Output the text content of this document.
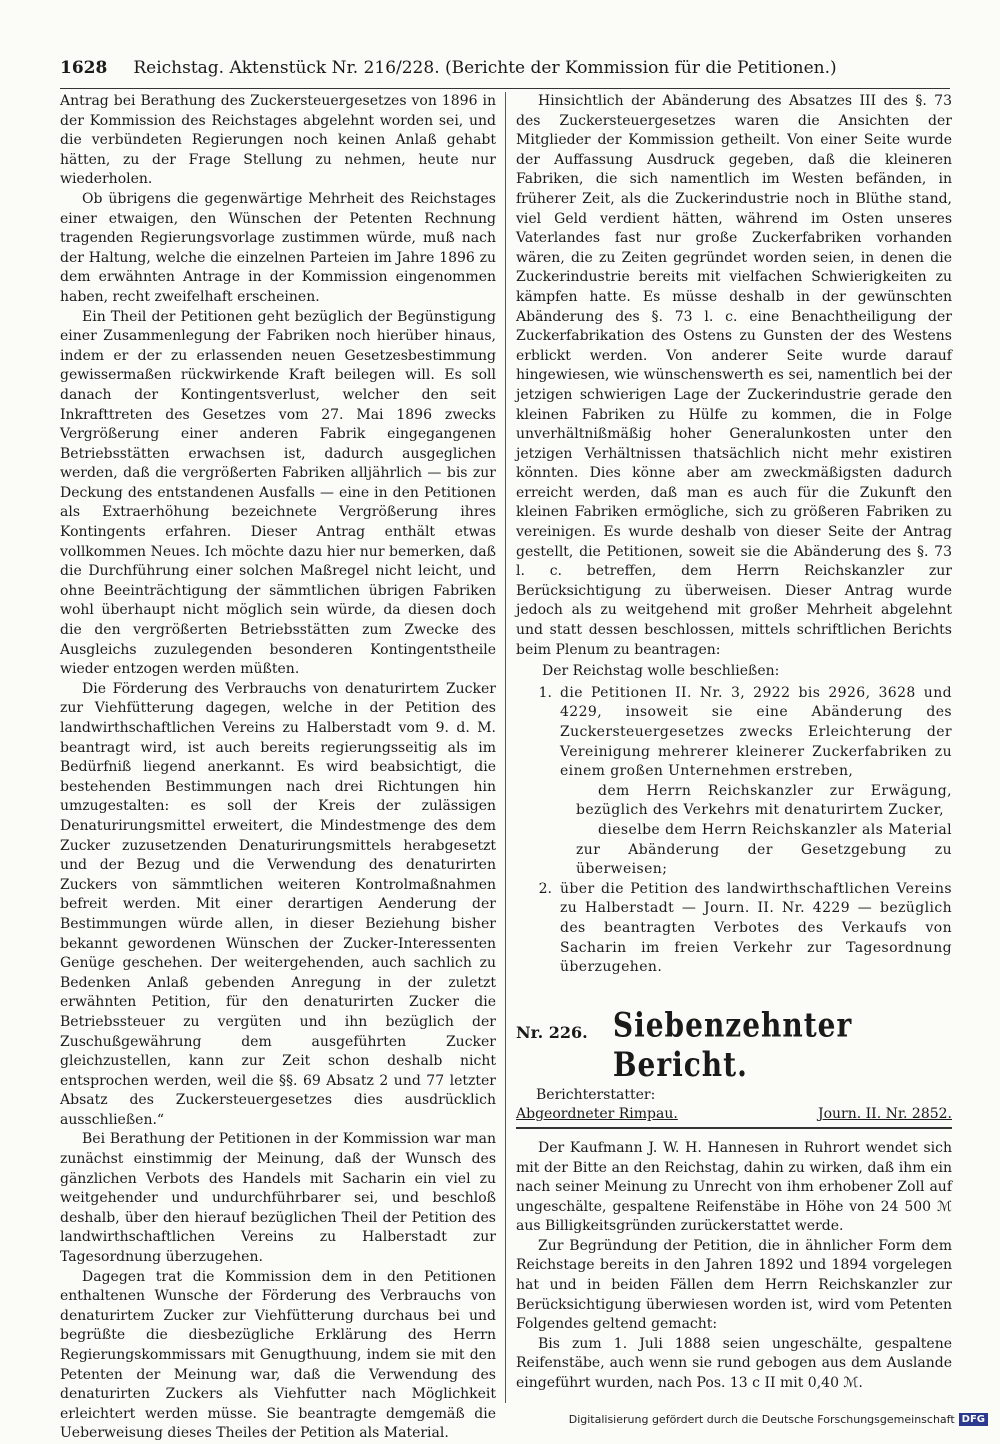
1628 Reichstag. Aktenstück Nr. 216/228. (Berichte der Kommission für die Petitionen.)

Antrag bei Berathung des Zuckersteuergesetzes von 1896 in der Kommission des Reichstages abgelehnt worden sei, und die verbündeten Regierungen noch keinen Anlaß gehabt hätten, zu der Frage Stellung zu nehmen, heute nur wiederholen.

Ob übrigens die gegenwärtige Mehrheit des Reichstages einer etwaigen, den Wünschen der Petenten Rechnung tragenden Regierungsvorlage zustimmen würde, muß nach der Haltung, welche die einzelnen Parteien im Jahre 1896 zu dem erwähnten Antrage in der Kommission eingenommen haben, recht zweifelhaft erscheinen.

Ein Theil der Petitionen geht bezüglich der Begünstigung einer Zusammenlegung der Fabriken noch hierüber hinaus, indem er der zu erlassenden neuen Gesetzesbestimmung gewissermaßen rückwirkende Kraft beilegen will. Es soll danach der Kontingentsverlust, welcher den seit Inkrafttreten des Gesetzes vom 27. Mai 1896 zwecks Vergrößerung einer anderen Fabrik eingegangenen Betriebsstätten erwachsen ist, dadurch ausgeglichen werden, daß die vergrößerten Fabriken alljährlich — bis zur Deckung des entstandenen Ausfalls — eine in den Petitionen als Extraerhöhung bezeichnete Vergrößerung ihres Kontingents erfahren. Dieser Antrag enthält etwas vollkommen Neues. Ich möchte dazu hier nur bemerken, daß die Durchführung einer solchen Maßregel nicht leicht, und ohne Beeinträchtigung der sämmtlichen übrigen Fabriken wohl überhaupt nicht möglich sein würde, da diesen doch die den vergrößerten Betriebsstätten zum Zwecke des Ausgleichs zuzulegenden besonderen Kontingentstheile wieder entzogen werden müßten.

Die Förderung des Verbrauchs von denaturirtem Zucker zur Viehfütterung dagegen, welche in der Petition des landwirthschaftlichen Vereins zu Halberstadt vom 9. d. M. beantragt wird, ist auch bereits regierungsseitig als im Bedürfniß liegend anerkannt. Es wird beabsichtigt, die bestehenden Bestimmungen nach drei Richtungen hin umzugestalten: es soll der Kreis der zulässigen Denaturirungsmittel erweitert, die Mindestmenge des dem Zucker zuzusetzenden Denaturirungsmittels herabgesetzt und der Bezug und die Verwendung des denaturirten Zuckers von sämmtlichen weiteren Kontrolmaßnahmen befreit werden. Mit einer derartigen Aenderung der Bestimmungen würde allen, in dieser Beziehung bisher bekannt gewordenen Wünschen der Zucker-Interessenten Genüge geschehen. Der weitergehenden, auch sachlich zu Bedenken Anlaß gebenden Anregung in der zuletzt erwähnten Petition, für den denaturirten Zucker die Betriebssteuer zu vergüten und ihn bezüglich der Zuschußgewährung dem ausgeführten Zucker gleichzustellen, kann zur Zeit schon deshalb nicht entsprochen werden, weil die §§. 69 Absatz 2 und 77 letzter Absatz des Zuckersteuergesetzes dies ausdrücklich ausschließen.“

Bei Berathung der Petitionen in der Kommission war man zunächst einstimmig der Meinung, daß der Wunsch des gänzlichen Verbots des Handels mit Sacharin ein viel zu weitgehender und undurchführbarer sei, und beschloß deshalb, über den hierauf bezüglichen Theil der Petition des landwirthschaftlichen Vereins zu Halberstadt zur Tagesordnung überzugehen.

Dagegen trat die Kommission dem in den Petitionen enthaltenen Wunsche der Förderung des Verbrauchs von denaturirtem Zucker zur Viehfütterung durchaus bei und begrüßte die diesbezügliche Erklärung des Herrn Regierungskommissars mit Genugthuung, indem sie mit den Petenten der Meinung war, daß die Verwendung des denaturirten Zuckers als Viehfutter nach Möglichkeit erleichtert werden müsse. Sie beantragte demgemäß die Ueberweisung dieses Theiles der Petition als Material.

Hinsichtlich der Abänderung des Absatzes III des §. 73 des Zuckersteuergesetzes waren die Ansichten der Mitglieder der Kommission getheilt. Von einer Seite wurde der Auffassung Ausdruck gegeben, daß die kleineren Fabriken, die sich namentlich im Westen befänden, in früherer Zeit, als die Zuckerindustrie noch in Blüthe stand, viel Geld verdient hätten, während im Osten unseres Vaterlandes fast nur große Zuckerfabriken vorhanden wären, die zu Zeiten gegründet worden seien, in denen die Zuckerindustrie bereits mit vielfachen Schwierigkeiten zu kämpfen hatte. Es müsse deshalb in der gewünschten Abänderung des §. 73 l. c. eine Benachtheiligung der Zuckerfabrikation des Ostens zu Gunsten der des Westens erblickt werden. Von anderer Seite wurde darauf hingewiesen, wie wünschenswerth es sei, namentlich bei der jetzigen schwierigen Lage der Zuckerindustrie gerade den kleinen Fabriken zu Hülfe zu kommen, die in Folge unverhältnißmäßig hoher Generalunkosten unter den jetzigen Verhältnissen thatsächlich nicht mehr existiren könnten. Dies könne aber am zweckmäßigsten dadurch erreicht werden, daß man es auch für die Zukunft den kleinen Fabriken ermögliche, sich zu größeren Fabriken zu vereinigen. Es wurde deshalb von dieser Seite der Antrag gestellt, die Petitionen, soweit sie die Abänderung des §. 73 l. c. betreffen, dem Herrn Reichskanzler zur Berücksichtigung zu überweisen. Dieser Antrag wurde jedoch als zu weitgehend mit großer Mehrheit abgelehnt und statt dessen beschlossen, mittels schriftlichen Berichts beim Plenum zu beantragen:

Der Reichstag wolle beschließen:
1. die Petitionen II. Nr. 3, 2922 bis 2926, 3628 und 4229, insoweit sie eine Abänderung des Zuckersteuergesetzes zwecks Erleichterung der Vereinigung mehrerer kleinerer Zuckerfabriken zu einem großen Unternehmen erstreben,
dem Herrn Reichskanzler zur Erwägung, bezüglich des Verkehrs mit denaturirtem Zucker,
dieselbe dem Herrn Reichskanzler als Material zur Abänderung der Gesetzgebung zu überweisen;
2. über die Petition des landwirthschaftlichen Vereins zu Halberstadt — Journ. II. Nr. 4229 — bezüglich des beantragten Verbotes des Verkaufs von Sacharin im freien Verkehr zur Tagesordnung überzugehen.
Nr. 226. Siebenzehnter Bericht.
Berichterstatter:
Abgeordneter Rimpau.	Journ. II. Nr. 2852.

Der Kaufmann J. W. H. Hannesen in Ruhrort wendet sich mit der Bitte an den Reichstag, dahin zu wirken, daß ihm ein nach seiner Meinung zu Unrecht von ihm erhobener Zoll auf ungeschälte, gespaltene Reifenstäbe in Höhe von 24 500 ℳ aus Billigkeitsgründen zurückerstattet werde.

Zur Begründung der Petition, die in ähnlicher Form dem Reichstage bereits in den Jahren 1892 und 1894 vorgelegen hat und in beiden Fällen dem Herrn Reichskanzler zur Berücksichtigung überwiesen worden ist, wird vom Petenten Folgendes geltend gemacht:

Bis zum 1. Juli 1888 seien ungeschälte, gespaltene Reifenstäbe, auch wenn sie rund gebogen aus dem Auslande eingeführt wurden, nach Pos. 13 c II mit 0,40 ℳ.

Digitalisierung gefördert durch die Deutsche Forschungsgemeinschaft DFG
